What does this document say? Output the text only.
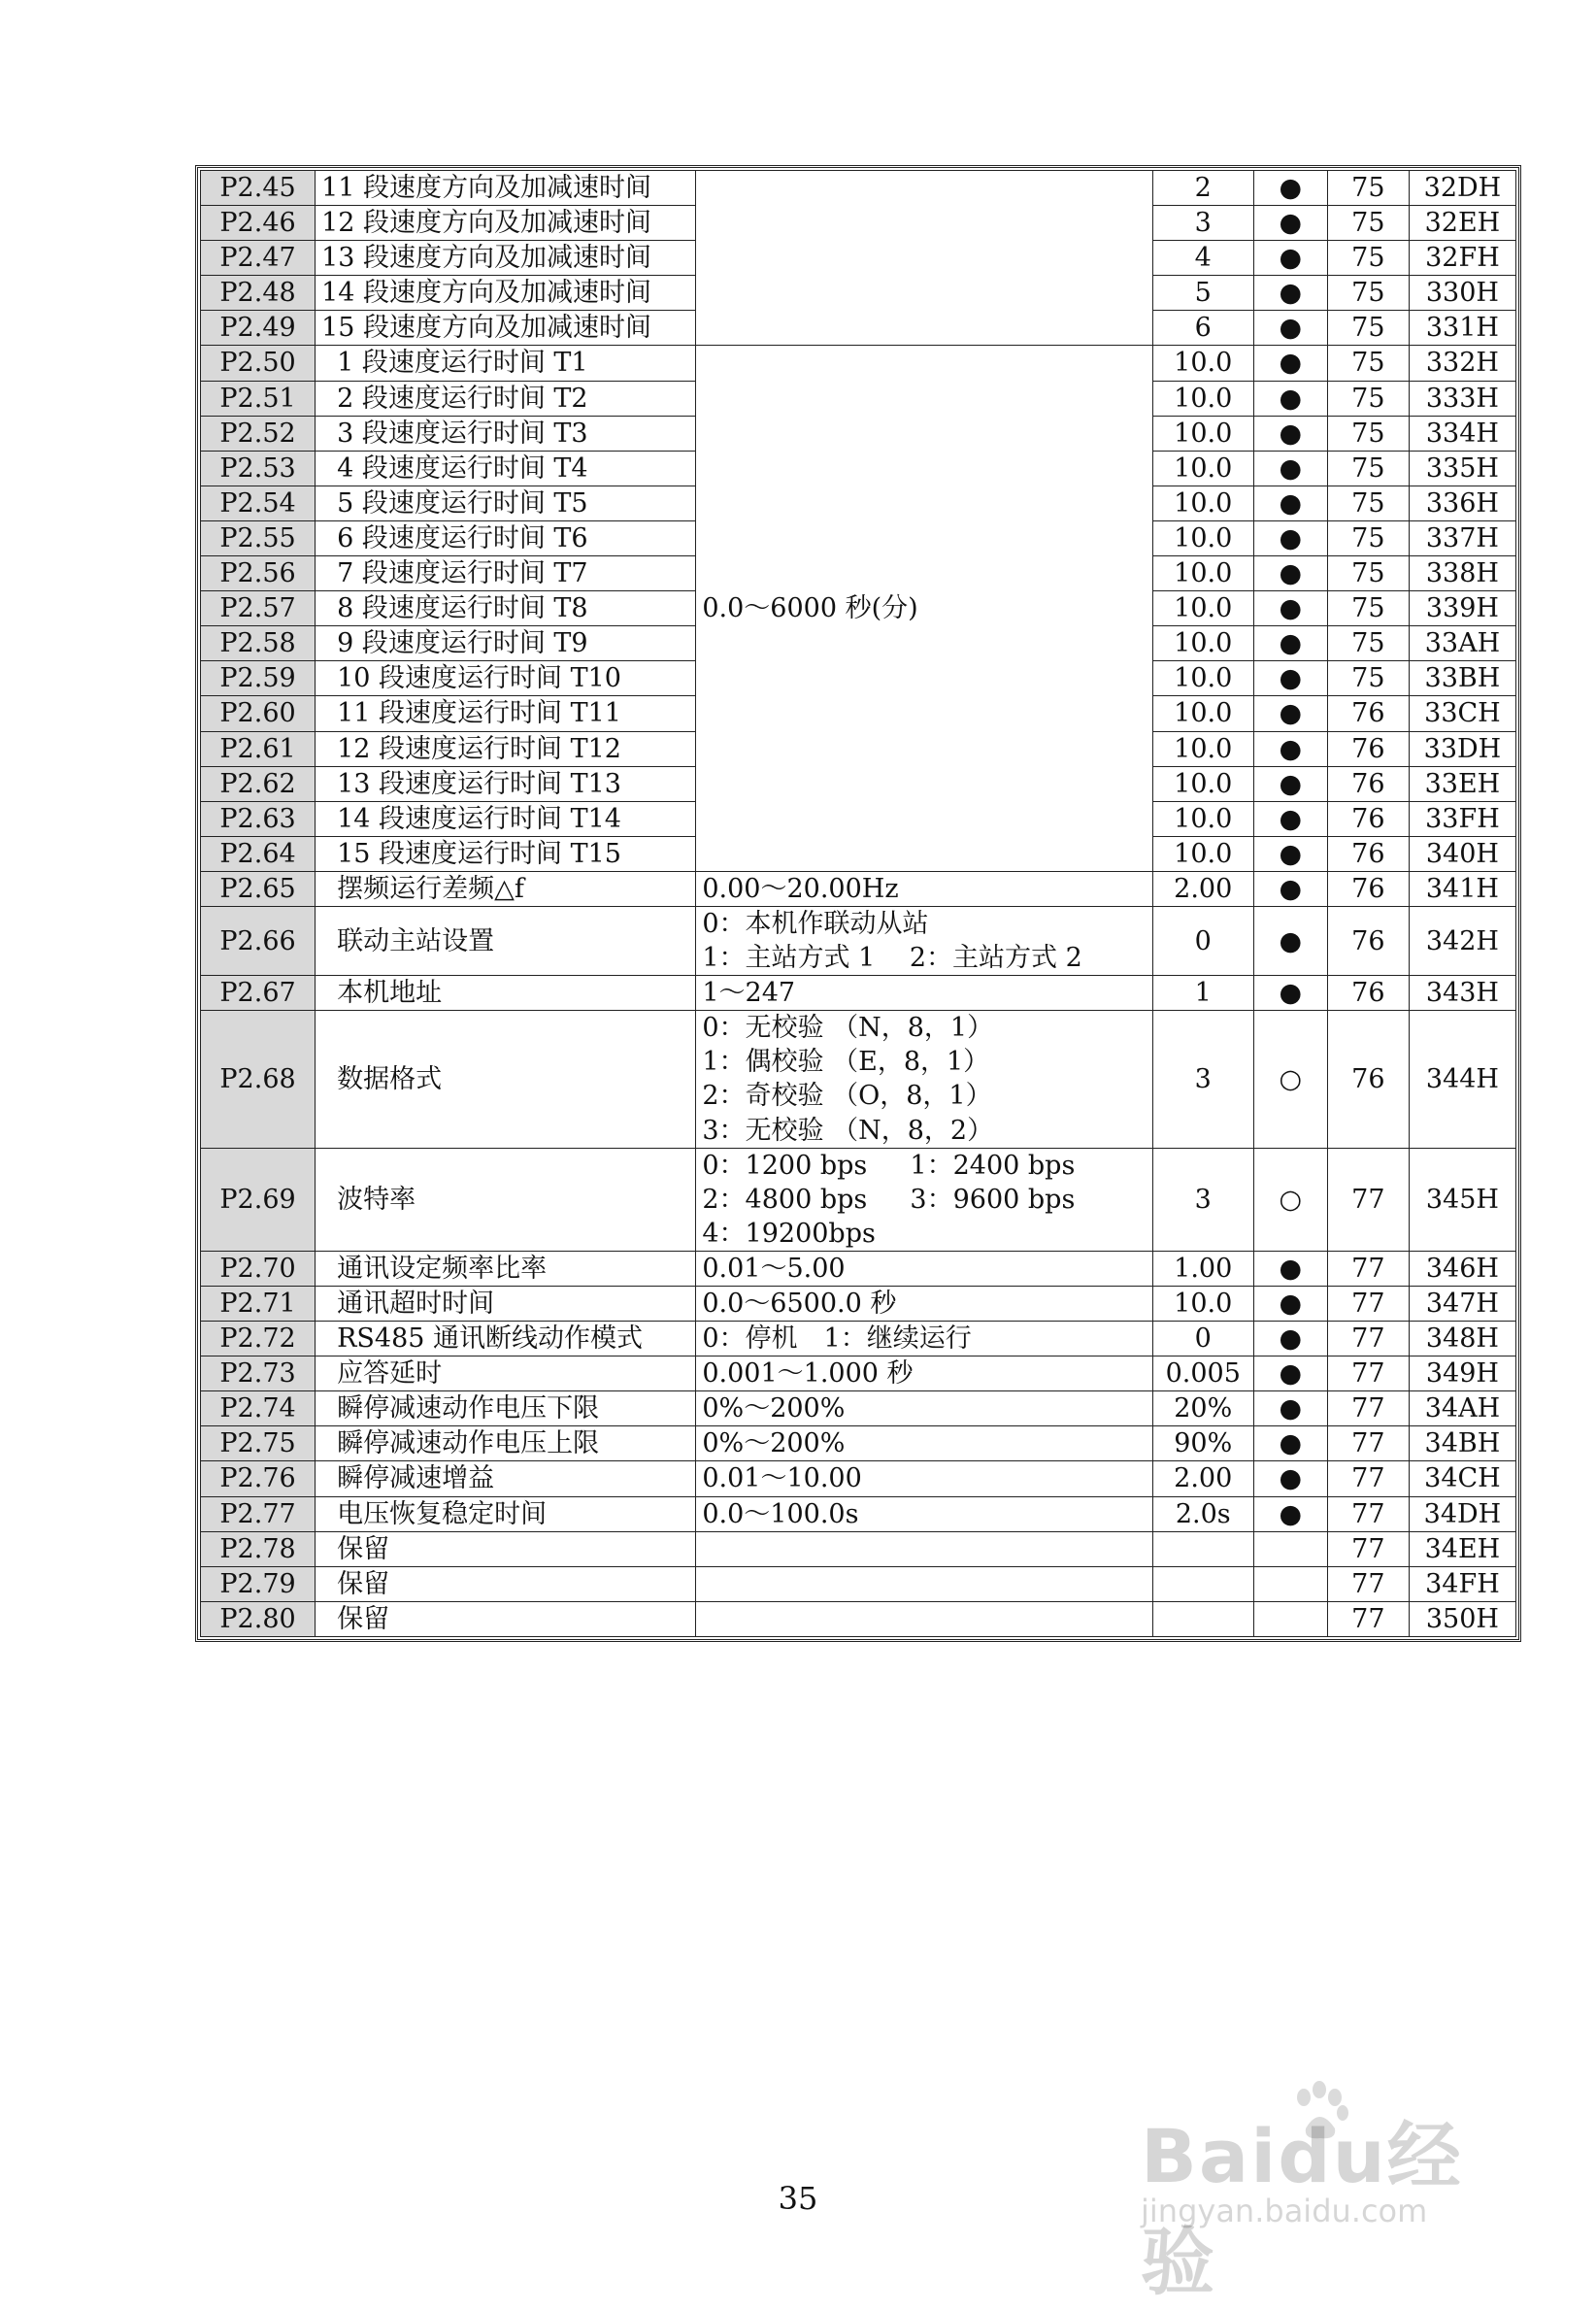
P2.45	11 段速度方向及加减速时间		2	●	75	32DH
P2.46	12 段速度方向及加减速时间		3	●	75	32EH
P2.47	13 段速度方向及加减速时间		4	●	75	32FH
P2.48	14 段速度方向及加减速时间		5	●	75	330H
P2.49	15 段速度方向及加减速时间		6	●	75	331H
P2.50	1 段速度运行时间 T1	0.0～6000 秒(分)	10.0	●	75	332H
P2.51	2 段速度运行时间 T2		10.0	●	75	333H
P2.52	3 段速度运行时间 T3		10.0	●	75	334H
P2.53	4 段速度运行时间 T4		10.0	●	75	335H
P2.54	5 段速度运行时间 T5		10.0	●	75	336H
P2.55	6 段速度运行时间 T6		10.0	●	75	337H
P2.56	7 段速度运行时间 T7		10.0	●	75	338H
P2.57	8 段速度运行时间 T8		10.0	●	75	339H
P2.58	9 段速度运行时间 T9		10.0	●	75	33AH
P2.59	10 段速度运行时间 T10		10.0	●	75	33BH
P2.60	11 段速度运行时间 T11		10.0	●	76	33CH
P2.61	12 段速度运行时间 T12		10.0	●	76	33DH
P2.62	13 段速度运行时间 T13		10.0	●	76	33EH
P2.63	14 段速度运行时间 T14		10.0	●	76	33FH
P2.64	15 段速度运行时间 T15		10.0	●	76	340H
P2.65	摆频运行差频△f	0.00～20.00Hz	2.00	●	76	341H
P2.66	联动主站设置	0：本机作联动从站
1：主站方式 1　 2：主站方式 2	0	●	76	342H
P2.67	本机地址	1～247	1	●	76	343H
P2.68	数据格式	0：无校验 （N，8，1）
1：偶校验 （E，8，1）
2：奇校验 （O，8，1）
3：无校验 （N，8，2）	3	○	76	344H
P2.69	波特率	0：1200 bps 　 1：2400 bps
2：4800 bps 　 3：9600 bps
4：19200bps	3	○	77	345H
P2.70	通讯设定频率比率	0.01～5.00	1.00	●	77	346H
P2.71	通讯超时时间	0.0～6500.0 秒	10.0	●	77	347H
P2.72	RS485 通讯断线动作模式	0：停机　1：继续运行	0	●	77	348H
P2.73	应答延时	0.001～1.000 秒	0.005	●	77	349H
P2.74	瞬停减速动作电压下限	0%～200%	20%	●	77	34AH
P2.75	瞬停减速动作电压上限	0%～200%	90%	●	77	34BH
P2.76	瞬停减速增益	0.01～10.00	2.00	●	77	34CH
P2.77	电压恢复稳定时间	0.0～100.0s	2.0s	●	77	34DH
P2.78	保留				77	34EH
P2.79	保留				77	34FH
P2.80	保留				77	350H
35	Baidu经验
jingyan.baidu.com
